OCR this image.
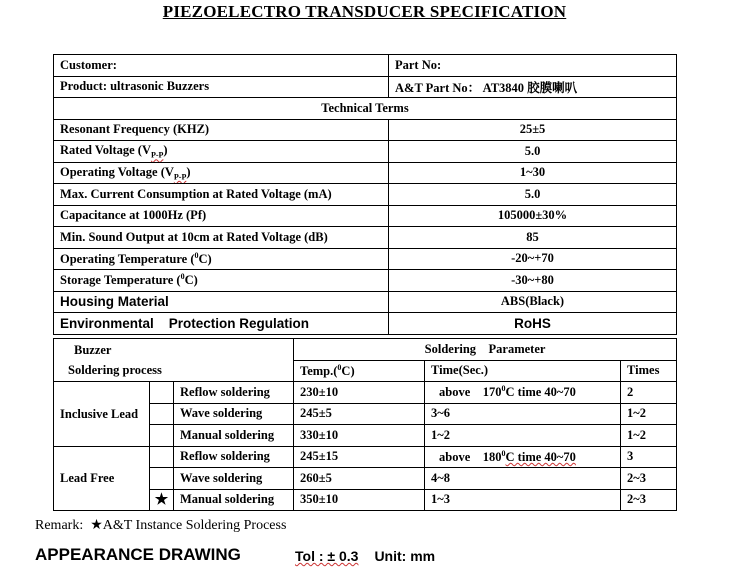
PIEZOELECTRO TRANSDUCER SPECIFICATION
Customer:	Part No:
Product: ultrasonic Buzzers	A&T Part No： AT3840 胶膜喇叭
Technical Terms	
Resonant Frequency (KHZ)	25±5
Rated Voltage $(V_{P-P})$	5.0
Operating Voltage $(V_{P-P})$	1~30
Max. Current Consumption at Rated Voltage (mA)	5.0
Capacitance at 1000Hz (Pf)	105000±30%
Min. Sound Output at 10cm at Rated Voltage (dB)	85
Operating Temperature ($^0$C)	-20~+70
Storage Temperature ($^0$C)	-30~+80
Housing Material	ABS(Black)
Environmental    Protection Regulation	RoHS
Buzzer
Soldering process			Soldering    Parameter		
			Temp.($^0$C)	Time(Sec.)	Times
Inclusive Lead		Reflow soldering	230±10	above    $170^0C$ time 40~70	2
		Wave soldering	245±5	3~6	1~2
		Manual soldering	330±10	1~2	1~2
Lead Free		Reflow soldering	245±15	above    $180^0C$ time 40~70	3
		Wave soldering	260±5	4~8	2~3
	★	Manual soldering	350±10	1~3	2~3
Remark:  ★A&T Instance Soldering Process
APPEARANCE DRAWING	Tol : ± 0.3 Unit: mm
